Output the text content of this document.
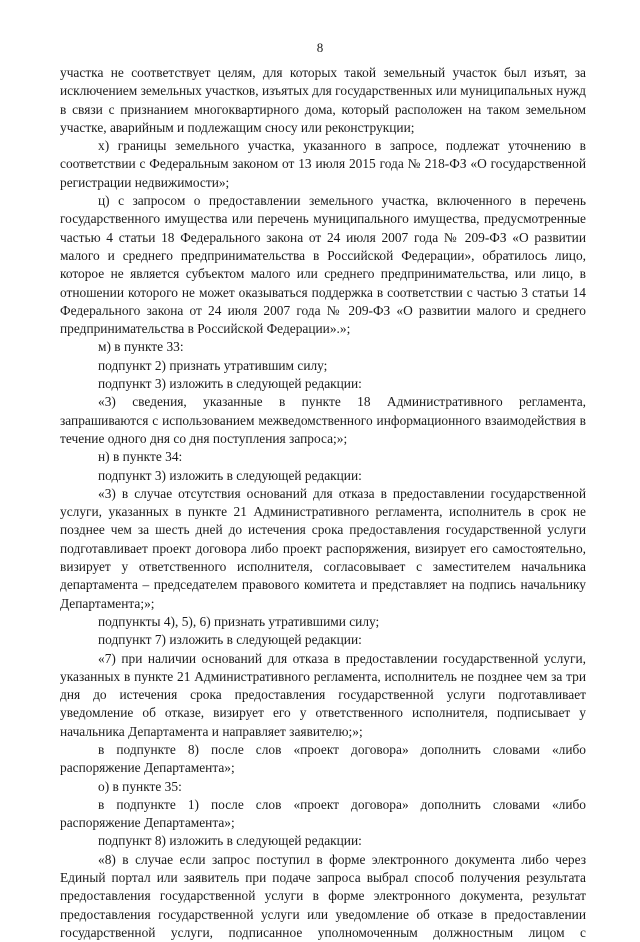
8

участка не соответствует целям, для которых такой земельный участок был изъят, за исключением земельных участков, изъятых для государственных или муниципальных нужд в связи с признанием многоквартирного дома, который расположен на таком земельном участке, аварийным и подлежащим сносу или реконструкции;

х) границы земельного участка, указанного в запросе, подлежат уточнению в соответствии с Федеральным законом от 13 июля 2015 года № 218-ФЗ «О государственной регистрации недвижимости»;

ц) с запросом о предоставлении земельного участка, включенного в перечень государственного имущества или перечень муниципального имущества, предусмотренные частью 4 статьи 18 Федерального закона от 24 июля 2007 года № 209-ФЗ «О развитии малого и среднего предпринимательства в Российской Федерации», обратилось лицо, которое не является субъектом малого или среднего предпринимательства, или лицо, в отношении которого не может оказываться поддержка в соответствии с частью 3 статьи 14 Федерального закона от 24 июля 2007 года № 209-ФЗ «О развитии малого и среднего предпринимательства в Российской Федерации».»;

м) в пункте 33:

подпункт 2) признать утратившим силу;

подпункт 3) изложить в следующей редакции:

«3) сведения, указанные в пункте 18 Административного регламента, запрашиваются с использованием межведомственного информационного взаимодействия в течение одного дня со дня поступления запроса;»;

н) в пункте 34:

подпункт 3) изложить в следующей редакции:

«3) в случае отсутствия оснований для отказа в предоставлении государственной услуги, указанных в пункте 21 Административного регламента, исполнитель в срок не позднее чем за шесть дней до истечения срока предоставления государственной услуги подготавливает проект договора либо проект распоряжения, визирует его самостоятельно, визирует у ответственного исполнителя, согласовывает с заместителем начальника департамента – председателем правового комитета и представляет на подпись начальнику Департамента;»;

подпункты 4), 5), 6) признать утратившими силу;

подпункт 7) изложить в следующей редакции:

«7) при наличии оснований для отказа в предоставлении государственной услуги, указанных в пункте 21 Административного регламента, исполнитель не позднее чем за три дня до истечения срока предоставления государственной услуги подготавливает уведомление об отказе, визирует его у ответственного исполнителя, подписывает у начальника Департамента и направляет заявителю;»;

в подпункте 8) после слов «проект договора» дополнить словами «либо распоряжение Департамента»;

о) в пункте 35:

в подпункте 1) после слов «проект договора» дополнить словами «либо распоряжение Департамента»;

подпункт 8) изложить в следующей редакции:

«8) в случае если запрос поступил в форме электронного документа либо через Единый портал или заявитель при подаче запроса выбрал способ получения результата предоставления государственной услуги в форме электронного документа, результат предоставления государственной услуги или уведомление об отказе в предоставлении государственной услуги, подписанное уполномоченным должностным лицом с
